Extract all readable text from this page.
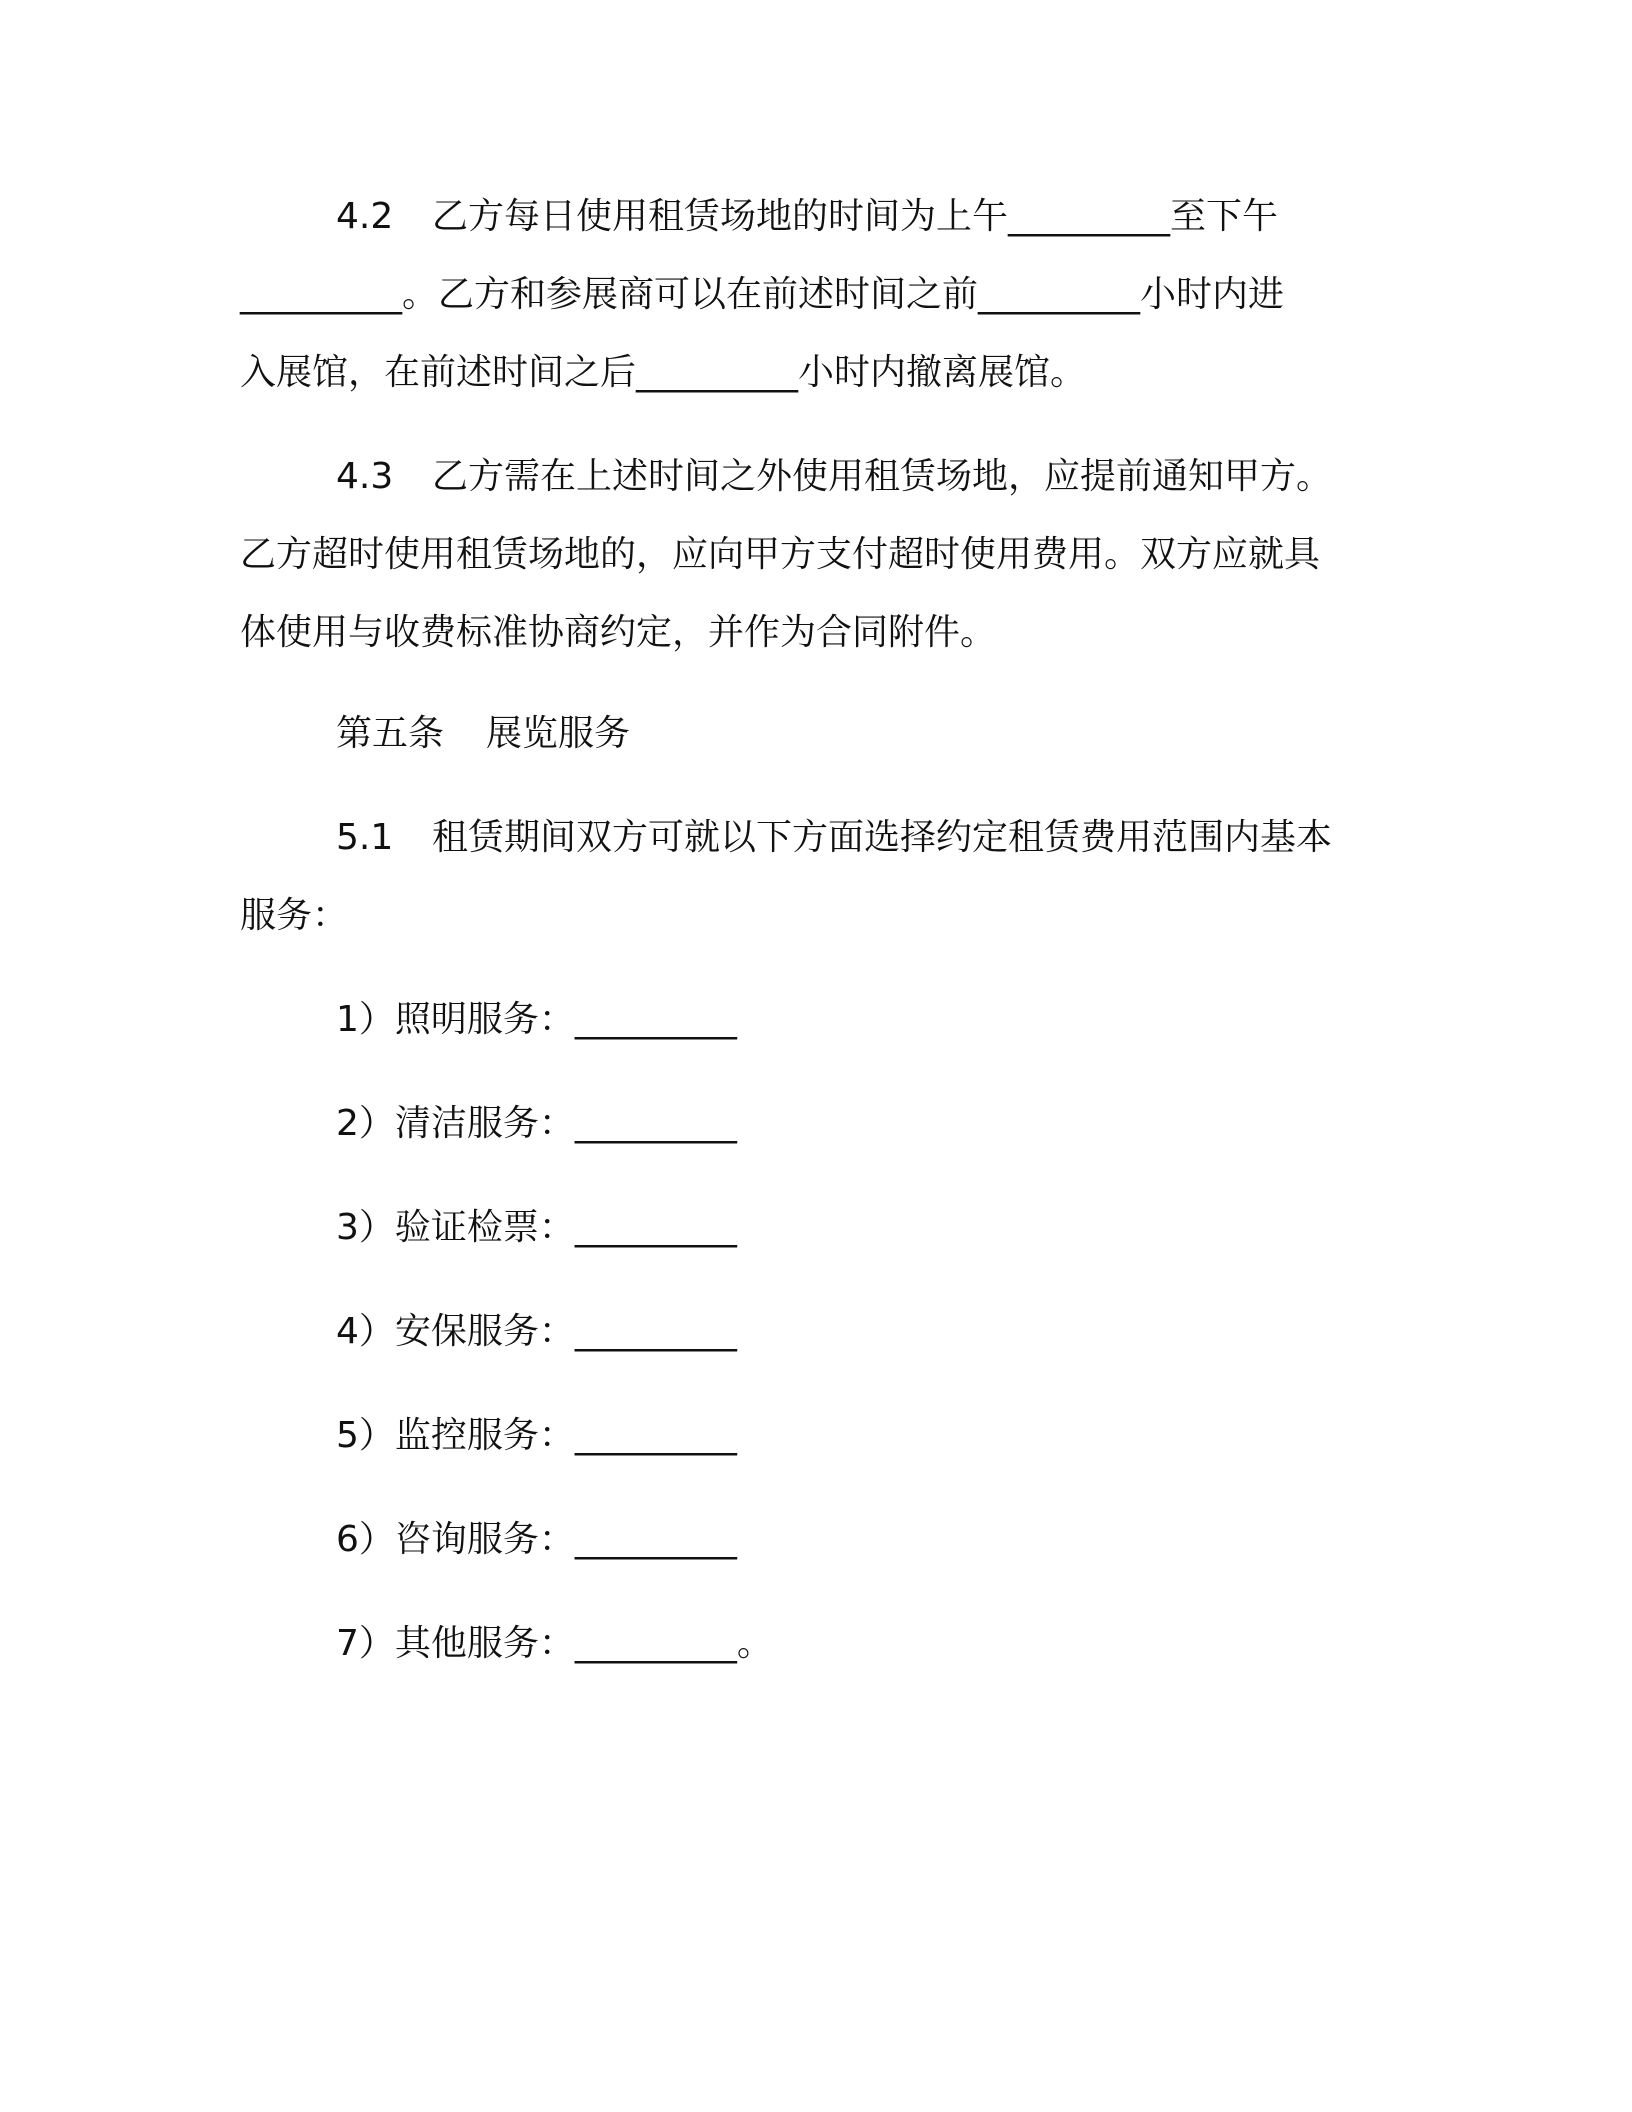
4.2 乙方每日使用租赁场地的时间为上午_________至下午
_________。乙方和参展商可以在前述时间之前_________小时内进
入展馆，在前述时间之后_________小时内撤离展馆。
4.3 乙方需在上述时间之外使用租赁场地，应提前通知甲方。
乙方超时使用租赁场地的，应向甲方支付超时使用费用。双方应就具
体使用与收费标准协商约定，并作为合同附件。
第五条 展览服务
5.1 租赁期间双方可就以下方面选择约定租赁费用范围内基本
服务：
1）照明服务：_________
2）清洁服务：_________
3）验证检票：_________
4）安保服务：_________
5）监控服务：_________
6）咨询服务：_________
7）其他服务：_________。
